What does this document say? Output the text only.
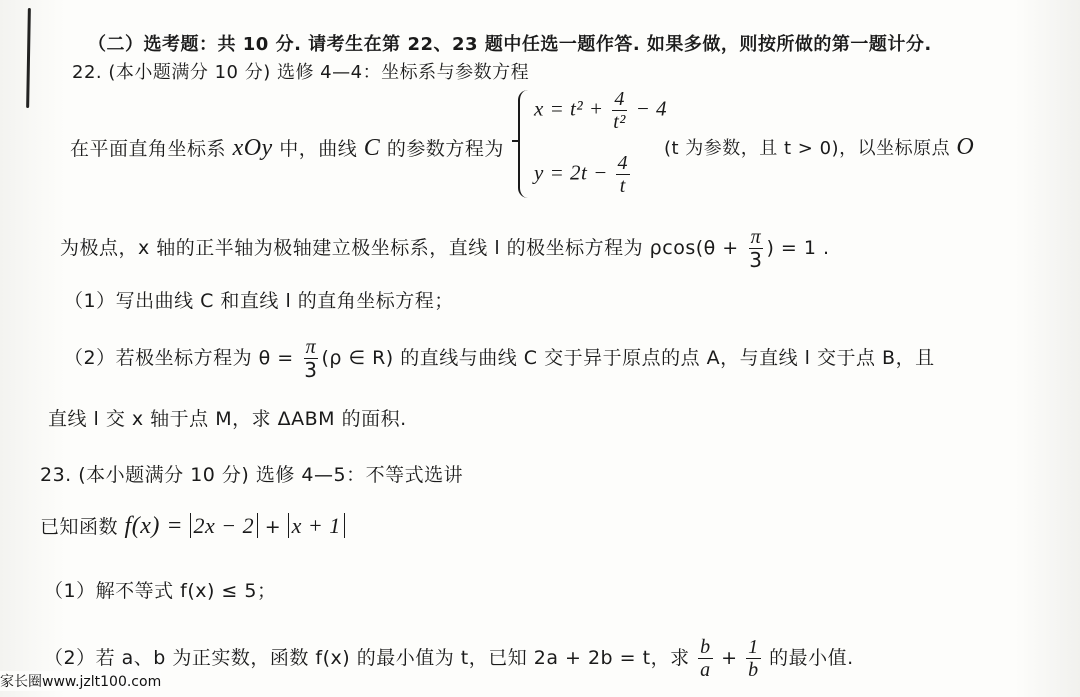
（二）选考题：共 10 分. 请考生在第 22、23 题中任选一题作答. 如果多做，则按所做的第一题计分.
22. (本小题满分 10 分) 选修 4—4：坐标系与参数方程
在平面直角坐标系 xOy 中，曲线 C 的参数方程为
$x = t^2 + \frac{4}{\text{t²}} - 4$
$y = 2t - \frac{4}{t}$
(t 为参数，且 t > 0)，以坐标原点 O
为极点，x 轴的正半轴为极轴建立极坐标系，直线 l 的极坐标方程为 $\rho\cos(\theta + \frac{\pi}{3}$ ) = 1 .
（1）写出曲线 C 和直线 l 的直角坐标方程；
（2）若极坐标方程为 $\theta = \frac{\pi}{3} (\rho$ ∈ R) 的直线与曲线 C 交于异于原点的点 A，与直线 l 交于点 B，且
直线 l 交 x 轴于点 M，求 ΔABM 的面积.
23. (本小题满分 10 分) 选修 4—5：不等式选讲
已知函数 f(x) = 2x − 2 + x + 1
（1）解不等式 f(x) ≤ 5；
（2）若 a、b 为正实数，函数 f(x) 的最小值为 t，已知 2a + 2b = t，求 $\frac{b}{a} + \frac{1}{b}$ 的最小值.
家长圈www.jzlt100.com
